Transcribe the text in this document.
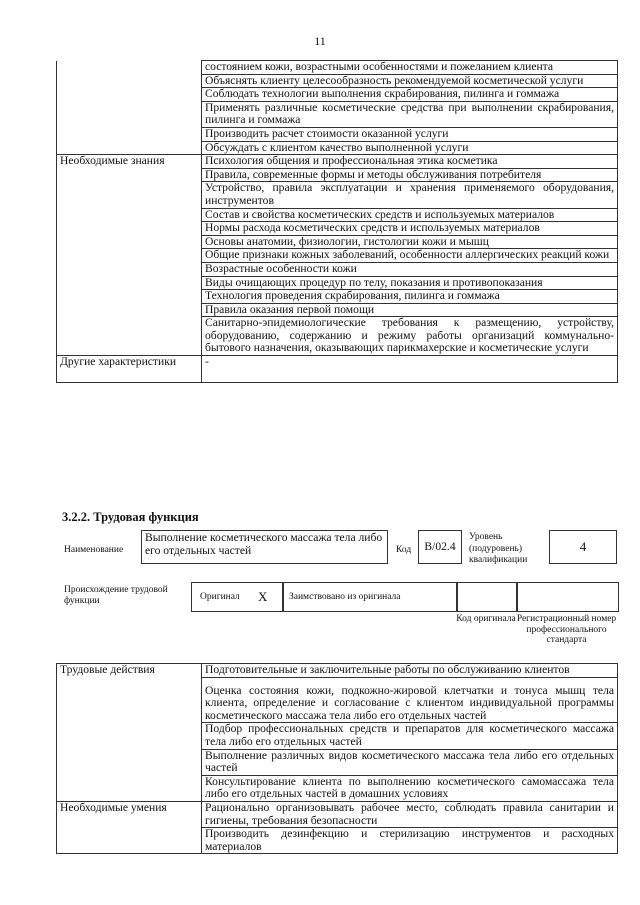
11
	состоянием кожи, возрастными особенностями и пожеланием клиента
	Объяснять клиенту целесообразность рекомендуемой косметической услуги
	Соблюдать технологии выполнения скрабирования, пилинга и гоммажа
	Применять различные косметические средства при выполнении скрабирования, пилинга и гоммажа
	Производить расчет стоимости оказанной услуги
	Обсуждать с клиентом качество выполненной услуги
Необходимые знания	Психология общения и профессиональная этика косметика
	Правила, современные формы и методы обслуживания потребителя
	Устройство, правила эксплуатации и хранения применяемого оборудования, инструментов
	Состав и свойства косметических средств и используемых материалов
	Нормы расхода косметических средств и используемых материалов
	Основы анатомии, физиологии, гистологии кожи и мышц
	Общие признаки кожных заболеваний, особенности аллергических реакций кожи
	Возрастные особенности кожи
	Виды очищающих процедур по телу, показания и противопоказания
	Технология проведения скрабирования, пилинга и гоммажа
	Правила оказания первой помощи
	Санитарно-эпидемиологические требования к размещению, устройству, оборудованию, содержанию и режиму работы организаций коммунально-бытового назначения, оказывающих парикмахерские и косметические услуги
Другие характеристики	-
3.2.2. Трудовая функция
Наименование
Выполнение косметического массажа тела либо его отдельных частей	Код	B/02.4
Уровень (подуровень) квалификации
4
Происхождение трудовой функции	Оригинал X Заимствовано из оригинала
Код оригинала Регистрационный номер профессионального стандарта
Трудовые действия	Подготовительные и заключительные работы по обслуживанию клиентов
	Оценка состояния кожи, подкожно-жировой клетчатки и тонуса мышц тела клиента, определение и согласование с клиентом индивидуальной программы косметического массажа тела либо его отдельных частей
	Подбор профессиональных средств и препаратов для косметического массажа тела либо его отдельных частей
	Выполнение различных видов косметического массажа тела либо его отдельных частей
	Консультирование клиента по выполнению косметического самомассажа тела либо его отдельных частей в домашних условиях
Необходимые умения	Рационально организовывать рабочее место, соблюдать правила санитарии и гигиены, требования безопасности
	Производить дезинфекцию и стерилизацию инструментов и расходных материалов
